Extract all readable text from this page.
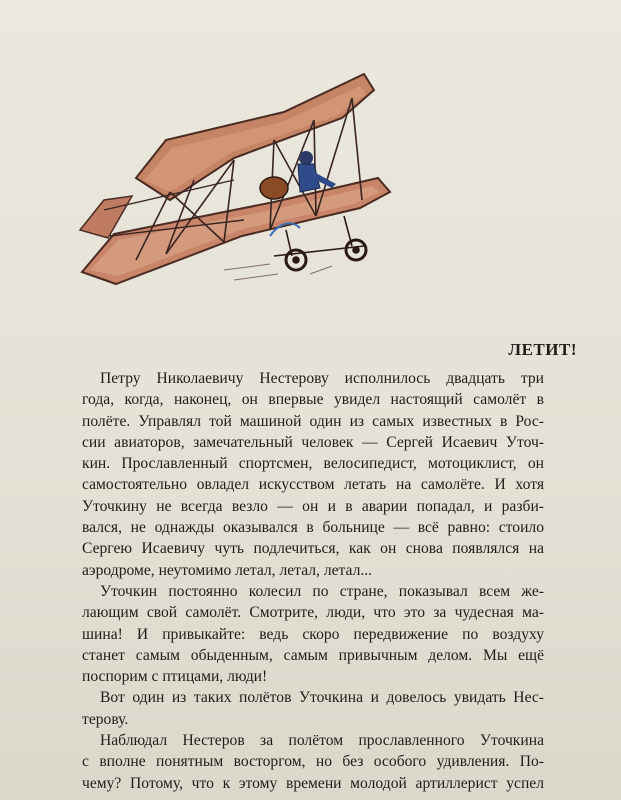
ЛЕТИТ!

Петру Николаевичу Нестерову исполнилось двадцать три
года, когда, наконец, он впервые увидел настоящий самолёт в
полёте. Управлял той машиной один из самых известных в Рос-
сии авиаторов, замечательный человек — Сергей Исаевич Уточ-
кин. Прославленный спортсмен, велосипедист, мотоциклист, он
самостоятельно овладел искусством летать на самолёте. И хотя
Уточкину не всегда везло — он и в аварии попадал, и разби-
вался, не однажды оказывался в больнице — всё равно: стоило
Сергею Исаевичу чуть подлечиться, как он снова появлялся на
аэродроме, неутомимо летал, летал, летал...

Уточкин постоянно колесил по стране, показывал всем же-
лающим свой самолёт. Смотрите, люди, что это за чудесная ма-
шина! И привыкайте: ведь скоро передвижение по воздуху
станет самым обыденным, самым привычным делом. Мы ещё
поспорим с птицами, люди!

Вот один из таких полётов Уточкина и довелось увидать Нес-
терову.

Наблюдал Нестеров за полётом прославленного Уточкина
с вполне понятным восторгом, но без особого удивления. По-
чему? Потому, что к этому времени молодой артиллерист успел
